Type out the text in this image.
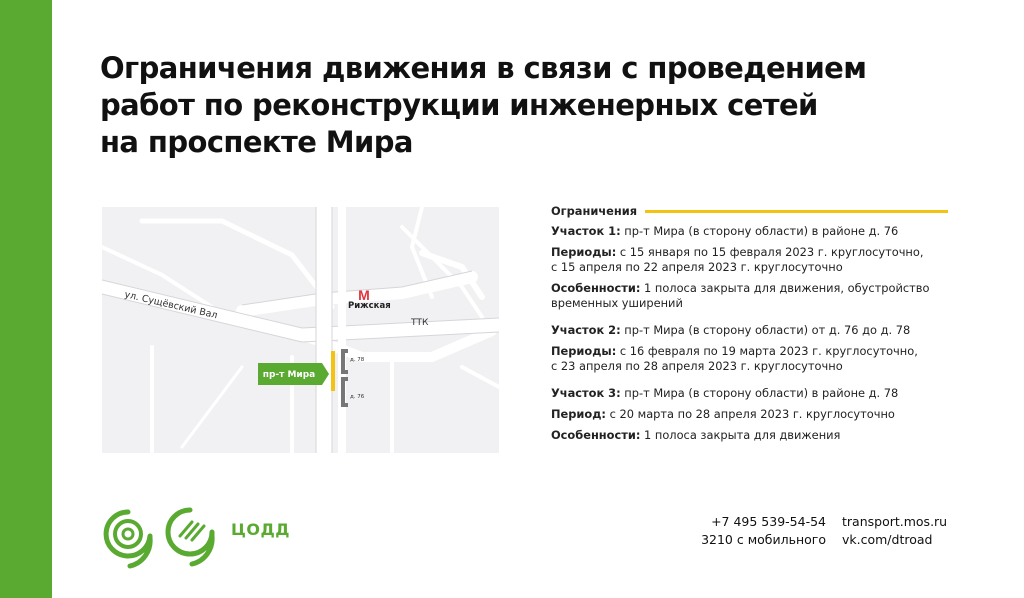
Ограничения движения в связи с проведением
работ по реконструкции инженерных сетей
на проспекте Мира
М
Рижская
ул. Сущёвский Вал
ТТК
д. 78
д. 76
пр-т Мира
Ограничения

Участок 1: пр-т Мира (в сторону области) в районе д. 76

Периоды: с 15 января по 15 февраля 2023 г. круглосуточно,
с 15 апреля по 22 апреля 2023 г. круглосуточно

Особенности: 1 полоса закрыта для движения, обустройство
временных уширений

Участок 2: пр-т Мира (в сторону области) от д. 76 до д. 78

Периоды: с 16 февраля по 19 марта 2023 г. круглосуточно,
с 23 апреля по 28 апреля 2023 г. круглосуточно

Участок 3: пр-т Мира (в сторону области) в районе д. 78

Период: с 20 марта по 28 апреля 2023 г. круглосуточно

Особенности: 1 полоса закрыта для движения

ЦОДД	+7 495 539-54-54
3210 с мобильного
transport.mos.ru
vk.com/dtroad
